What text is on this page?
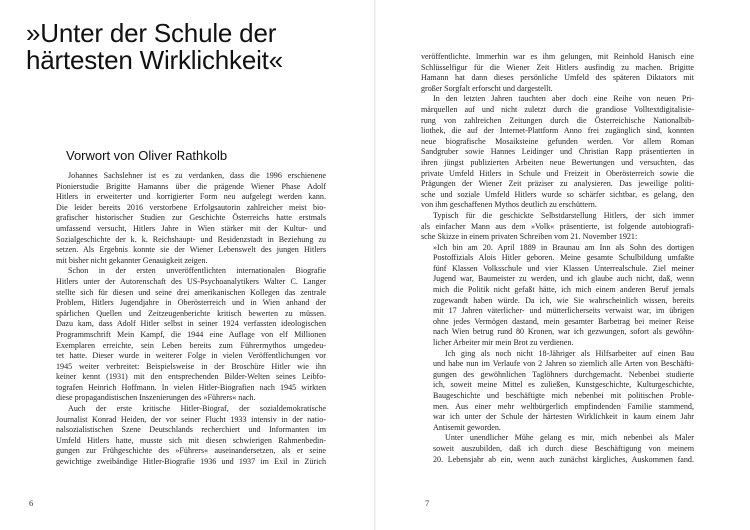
»Unter der Schule der
härtesten Wirklichkeit«
Vorwort von Oliver Rathkolb
Johannes Sachslehner ist es zu verdanken, dass die 1996 erschienene
Pionierstudie Brigitte Hamanns über die prägende Wiener Phase Adolf
Hitlers in erweiterter und korrigierter Form neu aufgelegt werden kann.
Die leider bereits 2016 verstorbene Erfolgsautorin zahlreicher meist bio-
grafischer historischer Studien zur Geschichte Österreichs hatte erstmals
umfassend versucht, Hitlers Jahre in Wien stärker mit der Kultur- und
Sozialgeschichte der k. k. Reichshaupt- und Residenzstadt in Beziehung zu
setzen. Als Ergebnis konnte sie der Wiener Lebenswelt des jungen Hitlers
mit bisher nicht gekannter Genauigkeit zeigen.
Schon in der ersten unveröffentlichten internationalen Biografie
Hitlers unter der Autorenschaft des US-Psychoanalytikers Walter C. Langer
stellte sich für diesen und seine drei amerikanischen Kollegen das zentrale
Problem, Hitlers Jugendjahre in Oberösterreich und in Wien anhand der
spärlichen Quellen und Zeitzeugenberichte kritisch bewerten zu müssen.
Dazu kam, dass Adolf Hitler selbst in seiner 1924 verfassten ideologischen
Programmschrift Mein Kampf, die 1944 eine Auflage von elf Millionen
Exemplaren erreichte, sein Leben bereits zum Führermythos umgedeu-
tet hatte. Dieser wurde in weiterer Folge in vielen Veröffentlichungen vor
1945 weiter verbreitet: Beispielsweise in der Broschüre Hitler wie ihn
keiner kennt (1931) mit den entsprechenden Bilder-Welten seines Leibfo-
tografen Heinrich Hoffmann. In vielen Hitler-Biografien nach 1945 wirkten
diese propagandistischen Inszenierungen des »Führers« nach.
Auch der erste kritische Hitler-Biograf, der sozialdemokratische
Journalist Konrad Heiden, der vor seiner Flucht 1933 intensiv in der natio-
nalsozialistischen Szene Deutschlands recherchiert und Informanten im
Umfeld Hitlers hatte, musste sich mit diesen schwierigen Rahmenbedin-
gungen zur Frühgeschichte des »Führers« auseinandersetzen, als er seine
gewichtige zweibändige Hitler-Biografie 1936 und 1937 im Exil in Zürich
6
veröffentlichte. Immerhin war es ihm gelungen, mit Reinhold Hanisch eine
Schlüsselfigur für die Wiener Zeit Hitlers ausfindig zu machen. Brigitte
Hamann hat dann dieses persönliche Umfeld des späteren Diktators mit
großer Sorgfalt erforscht und dargestellt.
In den letzten Jahren tauchten aber doch eine Reihe von neuen Pri-
märquellen auf und nicht zuletzt durch die grandiose Volltextdigitalisie-
rung von zahlreichen Zeitungen durch die Österreichische Nationalbib-
liothek, die auf der Internet-Plattform Anno frei zugänglich sind, konnten
neue biografische Mosaiksteine gefunden werden. Vor allem Roman
Sandgruber sowie Hannes Leidinger und Christian Rapp präsentierten in
ihren jüngst publizierten Arbeiten neue Bewertungen und versuchten, das
private Umfeld Hitlers in Schule und Freizeit in Oberösterreich sowie die
Prägungen der Wiener Zeit präziser zu analysieren. Das jeweilige politi-
sche und soziale Umfeld Hitlers wurde so schärfer sichtbar, es gelang, den
von ihm geschaffenen Mythos deutlich zu erschüttern.
Typisch für die geschickte Selbstdarstellung Hitlers, der sich immer
als einfacher Mann aus dem »Volk« präsentierte, ist folgende autobiografi-
sche Skizze in einem privaten Schreiben vom 21. November 1921:
»Ich bin am 20. April 1889 in Braunau am Inn als Sohn des dortigen
Postoffizials Alois Hitler geboren. Meine gesamte Schulbildung umfaßte
fünf Klassen Volksschule und vier Klassen Unterrealschule. Ziel meiner
Jugend war, Baumeister zu werden, und ich glaube auch nicht, daß, wenn
mich die Politik nicht gefaßt hätte, ich mich einem anderen Beruf jemals
zugewandt haben würde. Da ich, wie Sie wahrscheinlich wissen, bereits
mit 17 Jahren väterlicher- und mütterlicherseits verwaist war, im übrigen
ohne jedes Vermögen dastand, mein gesamter Barbetrag bei meiner Reise
nach Wien betrug rund 80 Kronen, war ich gezwungen, sofort als gewöhn-
licher Arbeiter mir mein Brot zu verdienen.
Ich ging als noch nicht 18-Jähriger als Hilfsarbeiter auf einen Bau
und habe nun im Verlaufe von 2 Jahren so ziemlich alle Arten von Beschäfti-
gungen des gewöhnlichen Taglöhners durchgemacht. Nebenbei studierte
ich, soweit meine Mittel es zuließen, Kunstgeschichte, Kulturgeschichte,
Baugeschichte und beschäftigte mich nebenbei mit politischen Proble-
men. Aus einer mehr weltbürgerlich empfindenden Familie stammend,
war ich unter der Schule der härtesten Wirklichkeit in kaum einem Jahr
Antisemit geworden.
Unter unendlicher Mühe gelang es mir, mich nebenbei als Maler
soweit auszubilden, daß ich durch diese Beschäftigung von meinem
20. Lebensjahr ab ein, wenn auch zunächst kärgliches, Auskommen fand.
7
